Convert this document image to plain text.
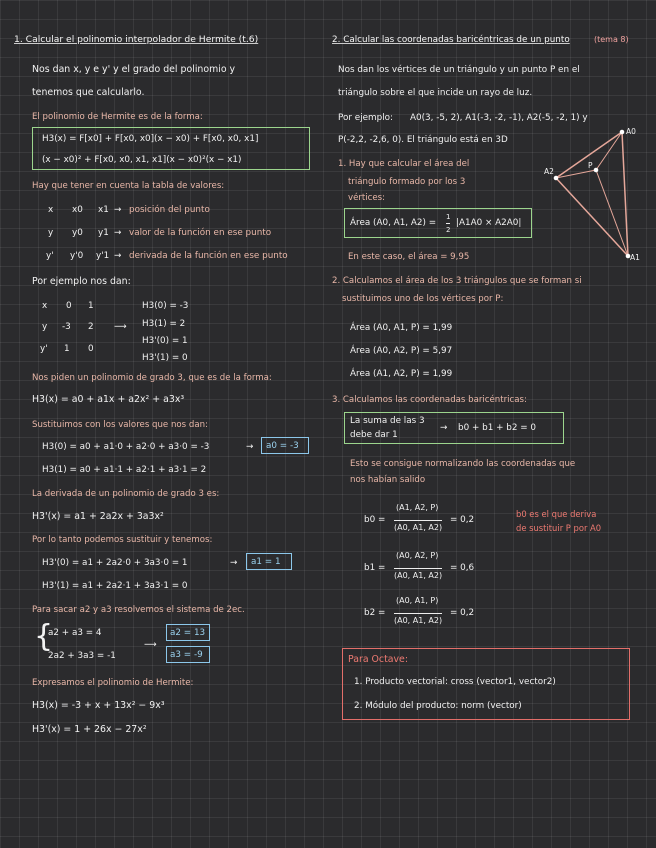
1. Calcular el polinomio interpolador de Hermite (t.6)
Nos dan x, y e y' y el grado del polinomio y
tenemos que calcularlo.
El polinomio de Hermite es de la forma:
H3(x) = F[x0] + F[x0, x0](x − x0) + F[x0, x0, x1]
(x − x0)² + F[x0, x0, x1, x1](x − x0)²(x − x1)
Hay que tener en cuenta la tabla de valores:
x x0 x1 → posición del punto
y y0 y1 → valor de la función en ese punto
y' y'0 y'1 → derivada de la función en ese punto
Por ejemplo nos dan:
x 0 1
y -3 2
y' 1 0
⟶
H3(0) = -3
H3(1) = 2
H3'(0) = 1
H3'(1) = 0
Nos piden un polinomio de grado 3, que es de la forma:
H3(x) = a0 + a1x + a2x² + a3x³
Sustituimos con los valores que nos dan:
H3(0) = a0 + a1·0 + a2·0 + a3·0 = -3	→ a0 = -3
H3(1) = a0 + a1·1 + a2·1 + a3·1 = 2
La derivada de un polinomio de grado 3 es:
H3'(x) = a1 + 2a2x + 3a3x²
Por lo tanto podemos sustituir y tenemos:
H3'(0) = a1 + 2a2·0 + 3a3·0 = 1	→ a1 = 1
H3'(1) = a1 + 2a2·1 + 3a3·1 = 0
Para sacar a2 y a3 resolvemos el sistema de 2ec.
{
a2 + a3 = 4
2a2 + 3a3 = -1
⟶
a2 = 13
a3 = -9
Expresamos el polinomio de Hermite:
H3(x) = -3 + x + 13x² − 9x³
H3'(x) = 1 + 26x − 27x²
2. Calcular las coordenadas baricéntricas de un punto	(tema 8)
Nos dan los vértices de un triángulo y un punto P en el
triángulo sobre el que incide un rayo de luz.
Por ejemplo: A0(3, -5, 2), A1(-3, -2, -1), A2(-5, -2, 1) y
P(-2,2, -2,6, 0). El triángulo está en 3D
1. Hay que calcular el área del
triángulo formado por los 3
vértices:
A0
A2
P
A1
Área (A0, A1, A2) =
1
2
|A1A0 × A2A0|
En este caso, el área = 9,95
2. Calculamos el área de los 3 triángulos que se forman si
sustituimos uno de los vértices por P:
Área (A0, A1, P) = 1,99
Área (A0, A2, P) = 5,97
Área (A1, A2, P) = 1,99
3. Calculamos las coordenadas baricéntricas:
La suma de las 3
debe dar 1
→ b0 + b1 + b2 = 0
Esto se consigue normalizando las coordenadas que
nos habían salido
b0 =
(A1, A2, P)
(A0, A1, A2)
= 0,2
b0 es el que deriva
de sustituir P por A0
b1 =
(A0, A2, P)
(A0, A1, A2)
= 0,6
b2 =
(A0, A1, P)
(A0, A1, A2)
= 0,2
Para Octave:
1. Producto vectorial: cross (vector1, vector2)
2. Módulo del producto: norm (vector)
